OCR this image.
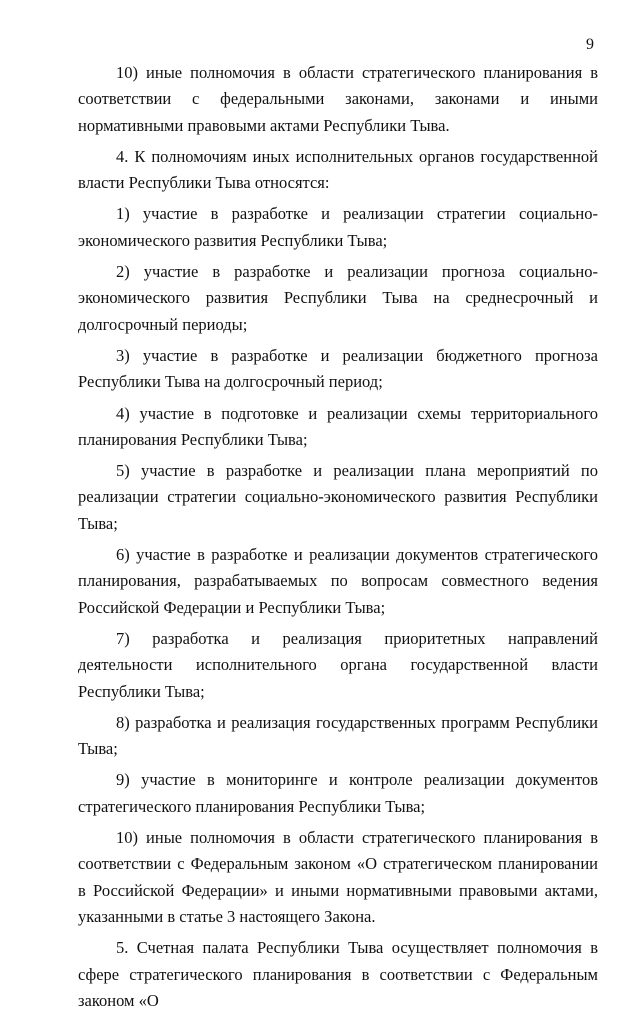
9

10) иные полномочия в области стратегического планирования в соответствии с федеральными законами, законами и иными нормативными правовыми актами Республики Тыва.

4. К полномочиям иных исполнительных органов государственной власти Республики Тыва относятся:

1) участие в разработке и реализации стратегии социально-экономического развития Республики Тыва;

2) участие в разработке и реализации прогноза социально-экономического развития Республики Тыва на среднесрочный и долгосрочный периоды;

3) участие в разработке и реализации бюджетного прогноза Республики Тыва на долгосрочный период;

4) участие в подготовке и реализации схемы территориального планирования Республики Тыва;

5) участие в разработке и реализации плана мероприятий по реализации стратегии социально-экономического развития Республики Тыва;

6) участие в разработке и реализации документов стратегического планирования, разрабатываемых по вопросам совместного ведения Российской Федерации и Республики Тыва;

7) разработка и реализация приоритетных направлений деятельности исполнительного органа государственной власти Республики Тыва;

8) разработка и реализация государственных программ Республики Тыва;

9) участие в мониторинге и контроле реализации документов стратегического планирования Республики Тыва;

10) иные полномочия в области стратегического планирования в соответствии с Федеральным законом «О стратегическом планировании в Российской Федерации» и иными нормативными правовыми актами, указанными в статье 3 настоящего Закона.

5. Счетная палата Республики Тыва осуществляет полномочия в сфере стратегического планирования в соответствии с Федеральным законом «О
